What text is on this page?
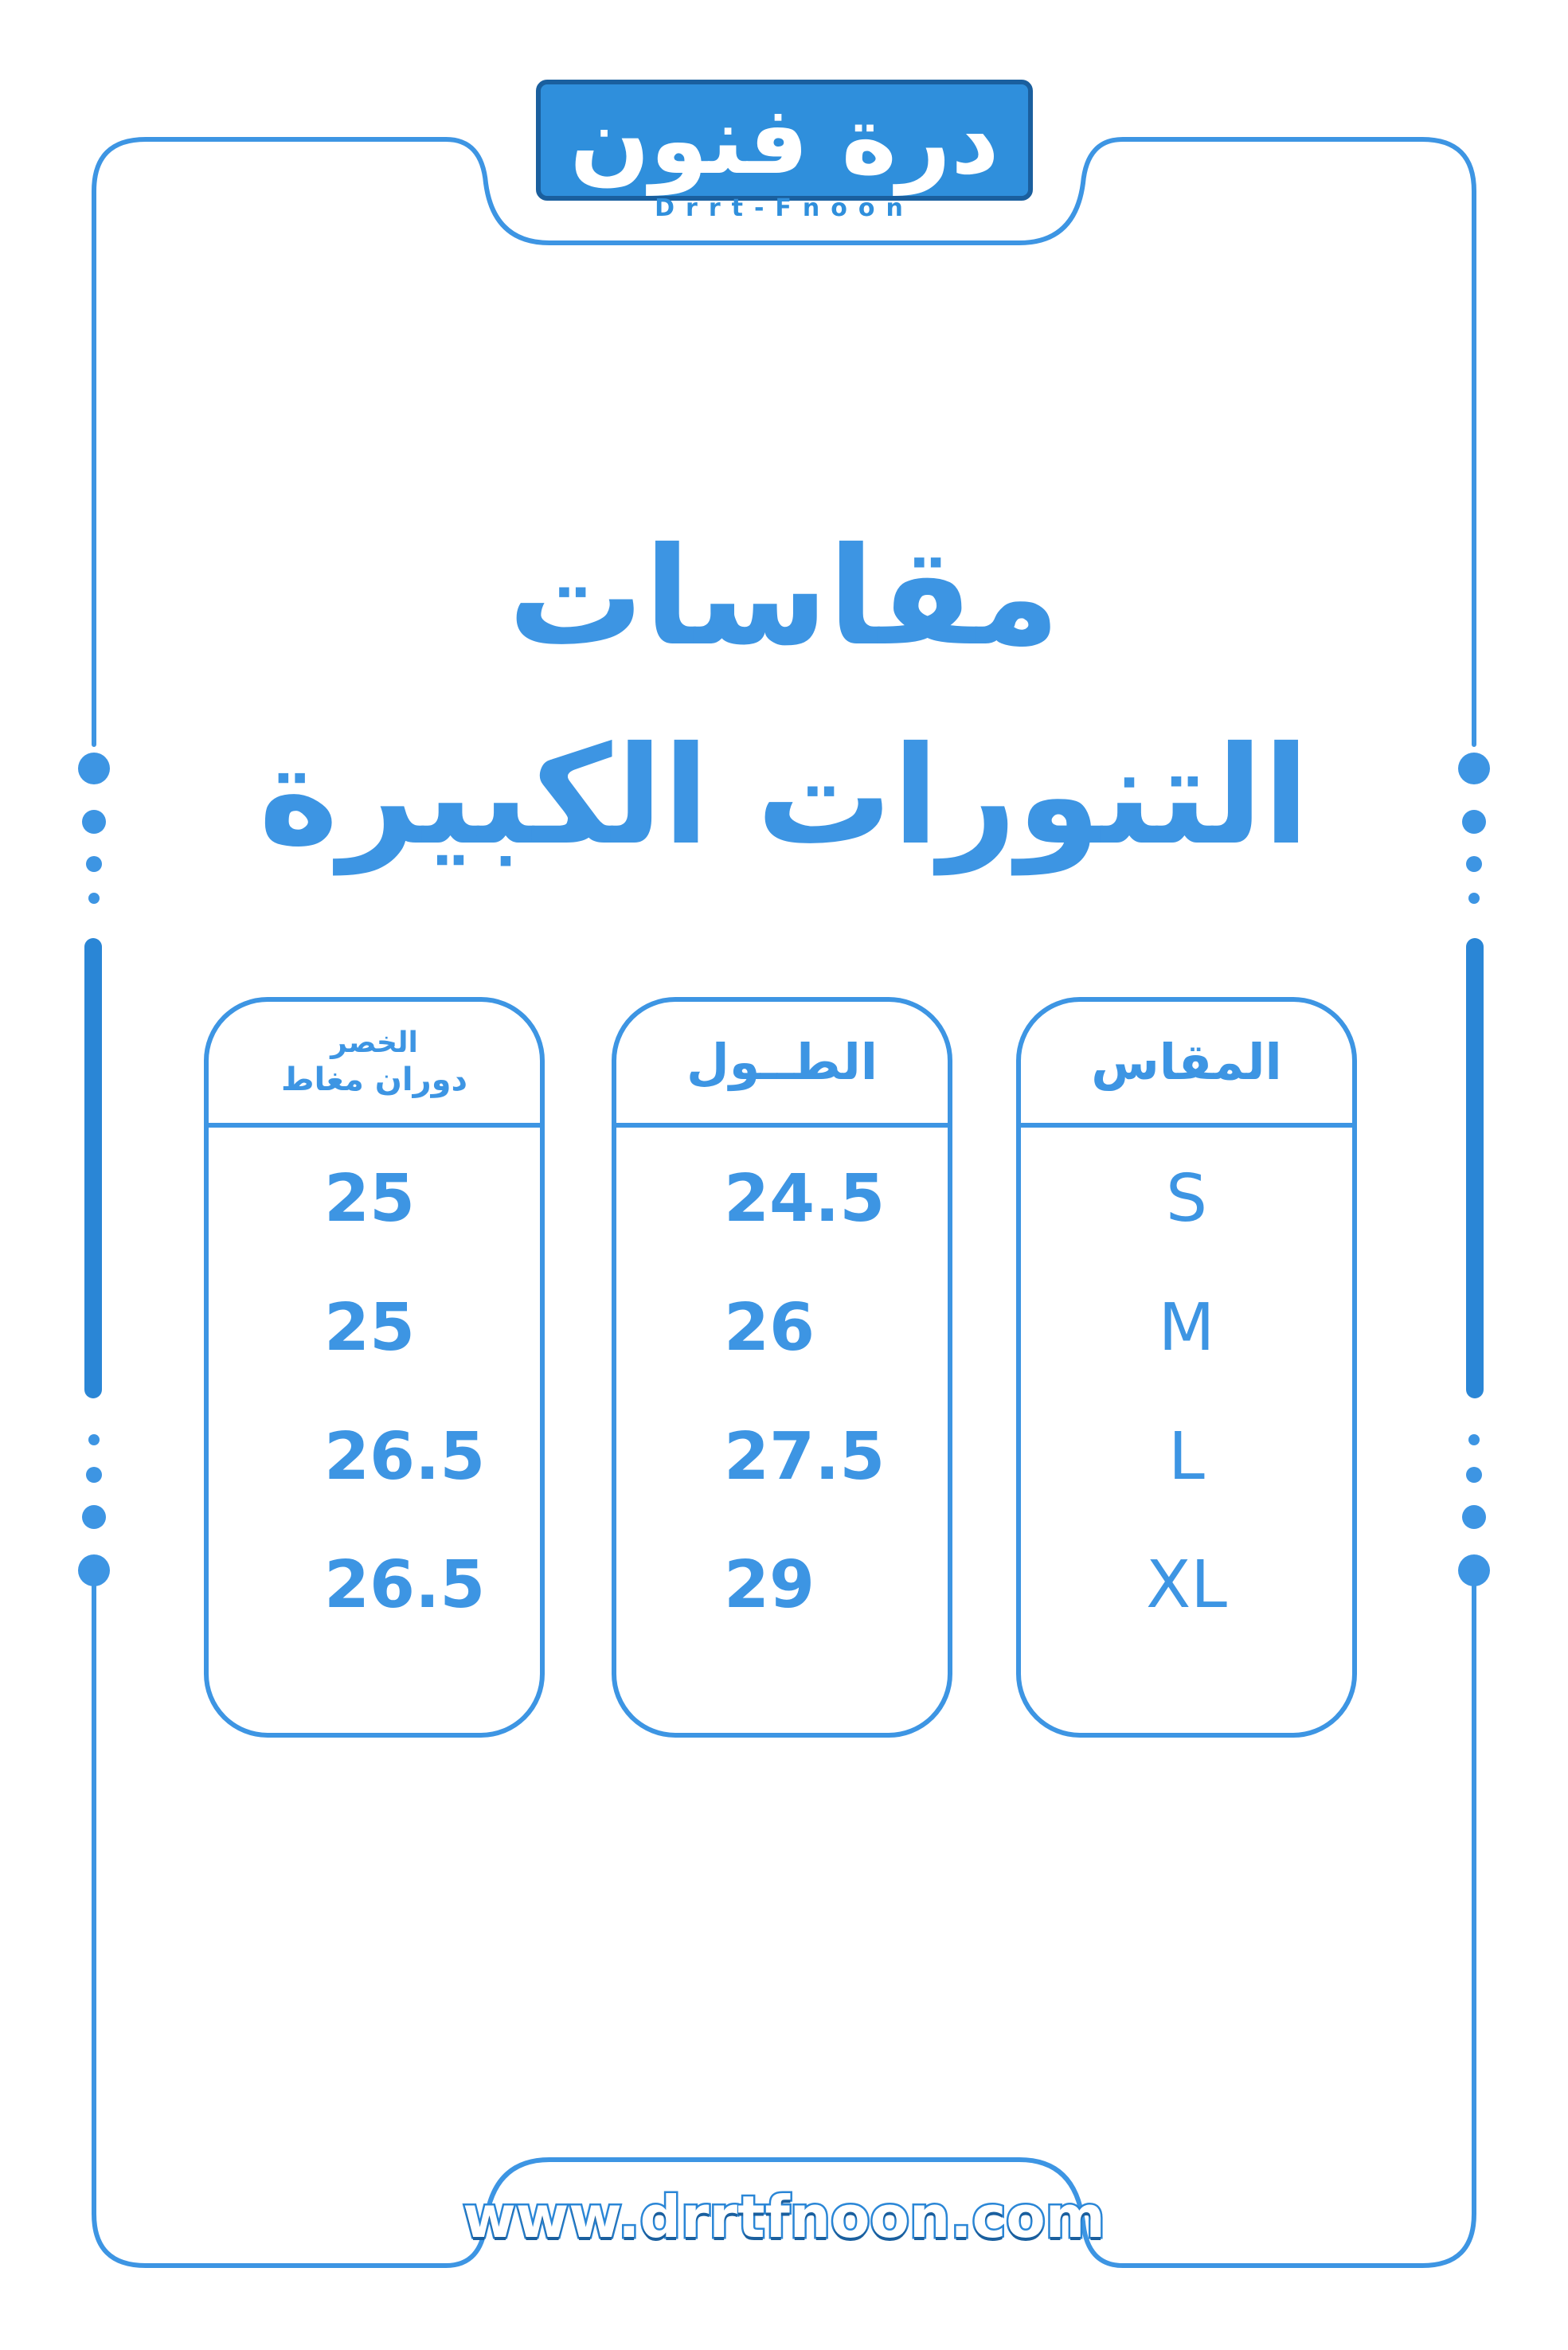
درة فنون
Drrt-Fnoon
مقاسات
التنورات الكبيرة
المقاس
S
M
L
XL
الطــول
24.5
26
27.5
29
الخصر
دوران مغاط
25
25
26.5
26.5
www.drrtfnoon.com
